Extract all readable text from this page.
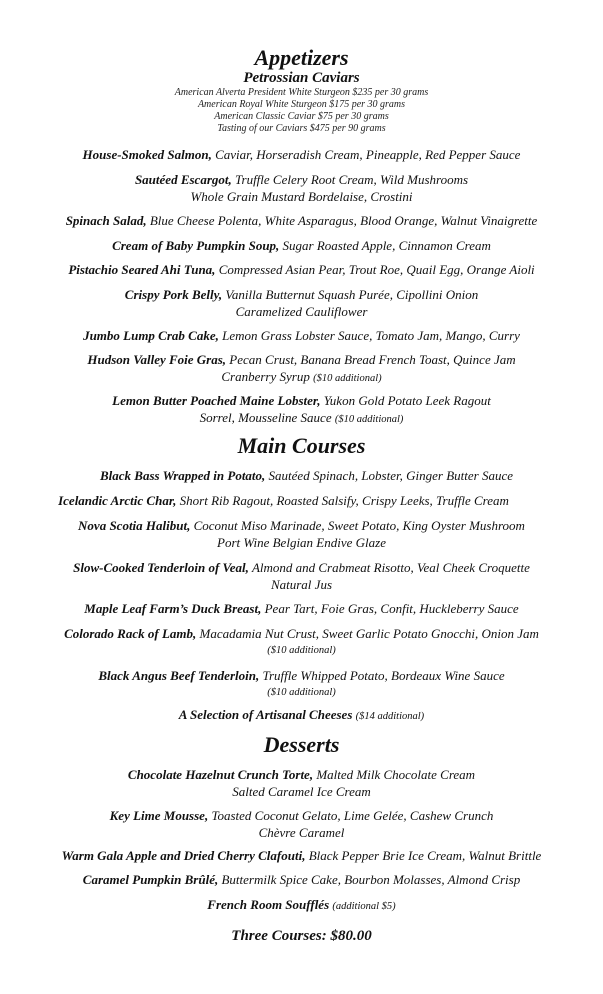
Appetizers
Petrossian Caviars
American Alverta President White Sturgeon $235 per 30 grams
American Royal White Sturgeon $175 per 30 grams
American Classic Caviar $75 per 30 grams
Tasting of our Caviars $475 per 90 grams
House-Smoked Salmon, Caviar, Horseradish Cream, Pineapple, Red Pepper Sauce
Sautéed Escargot, Truffle Celery Root Cream, Wild Mushrooms
Whole Grain Mustard Bordelaise, Crostini
Spinach Salad, Blue Cheese Polenta, White Asparagus, Blood Orange, Walnut Vinaigrette
Cream of Baby Pumpkin Soup, Sugar Roasted Apple, Cinnamon Cream
Pistachio Seared Ahi Tuna, Compressed Asian Pear, Trout Roe, Quail Egg, Orange Aioli
Crispy Pork Belly, Vanilla Butternut Squash Purée, Cipollini Onion
Caramelized Cauliflower
Jumbo Lump Crab Cake, Lemon Grass Lobster Sauce, Tomato Jam, Mango, Curry
Hudson Valley Foie Gras, Pecan Crust, Banana Bread French Toast, Quince Jam
Cranberry Syrup ($10 additional)
Lemon Butter Poached Maine Lobster, Yukon Gold Potato Leek Ragout
Sorrel, Mousseline Sauce ($10 additional)
Black Bass Wrapped in Potato, Sautéed Spinach, Lobster, Ginger Butter Sauce
Icelandic Arctic Char, Short Rib Ragout, Roasted Salsify, Crispy Leeks, Truffle Cream
Nova Scotia Halibut, Coconut Miso Marinade, Sweet Potato, King Oyster Mushroom
Port Wine Belgian Endive Glaze
Slow-Cooked Tenderloin of Veal, Almond and Crabmeat Risotto, Veal Cheek Croquette
Natural Jus
Maple Leaf Farm’s Duck Breast, Pear Tart, Foie Gras, Confit, Huckleberry Sauce
Colorado Rack of Lamb, Macadamia Nut Crust, Sweet Garlic Potato Gnocchi, Onion Jam
($10 additional)
Black Angus Beef Tenderloin, Truffle Whipped Potato, Bordeaux Wine Sauce
($10 additional)
A Selection of Artisanal Cheeses ($14 additional)
Chocolate Hazelnut Crunch Torte, Malted Milk Chocolate Cream
Salted Caramel Ice Cream
Key Lime Mousse, Toasted Coconut Gelato, Lime Gelée, Cashew Crunch
Chèvre Caramel
Warm Gala Apple and Dried Cherry Clafouti, Black Pepper Brie Ice Cream, Walnut Brittle
Caramel Pumpkin Brûlé, Buttermilk Spice Cake, Bourbon Molasses, Almond Crisp
French Room Soufflés (additional $5)
Main Courses
Desserts
Three Courses: $80.00
